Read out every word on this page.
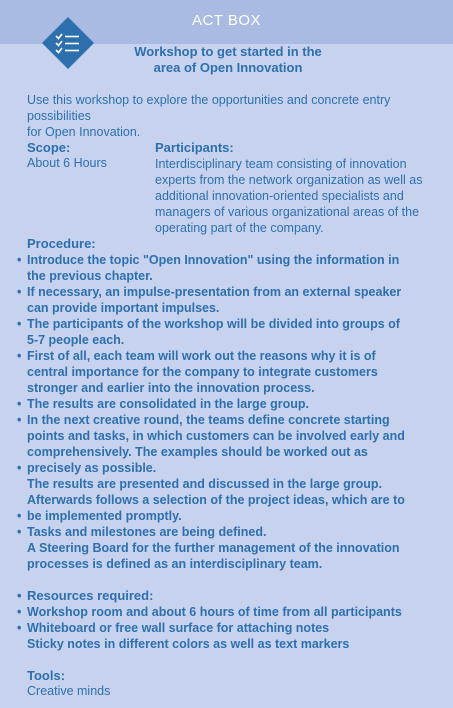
ACT BOX
Workshop to get started in the
area of Open Innovation
Use this workshop to explore the opportunities and concrete entry possibilities
for Open Innovation.
Scope:
About 6 Hours
Participants:
Interdisciplinary team consisting of innovation
experts from the network organization as well as
additional innovation-oriented specialists and
managers of various organizational areas of the
operating part of the company.
Procedure:
• Introduce the topic "Open Innovation" using the information in
the previous chapter.
• If necessary, an impulse-presentation from an external speaker
can provide important impulses.
• The participants of the workshop will be divided into groups of
5-7 people each.
• First of all, each team will work out the reasons why it is of
central importance for the company to integrate customers
stronger and earlier into the innovation process.
• The results are consolidated in the large group.
• In the next creative round, the teams define concrete starting
points and tasks, in which customers can be involved early and
comprehensively. The examples should be worked out as
• precisely as possible.
The results are presented and discussed in the large group.
Afterwards follows a selection of the project ideas, which are to
• be implemented promptly.
• Tasks and milestones are being defined.
A Steering Board for the further management of the innovation
processes is defined as an interdisciplinary team.
• Resources required:
• Workshop room and about 6 hours of time from all participants
• Whiteboard or free wall surface for attaching notes
Sticky notes in different colors as well as text markers
Tools:
Creative minds
